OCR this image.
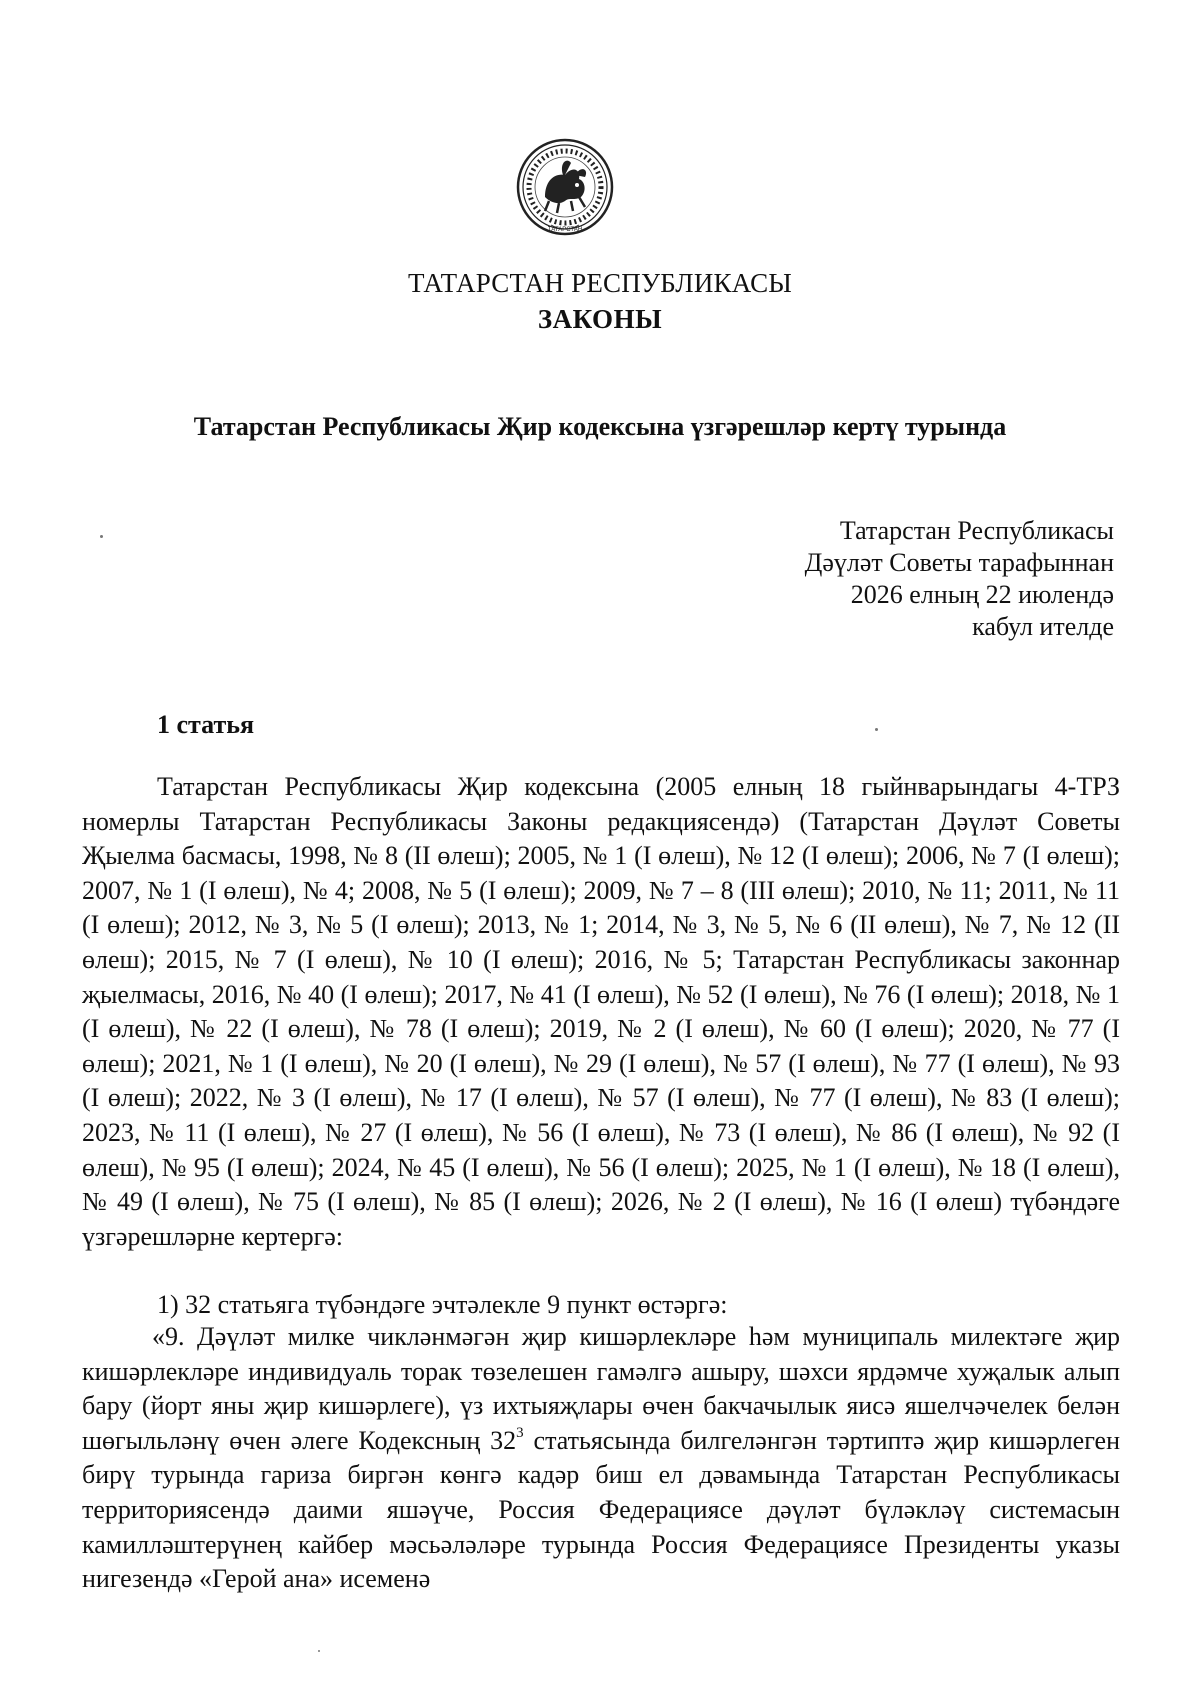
ТАТАРСТАН
ТАТАРСТАН РЕСПУБЛИКАСЫ
ЗАКОНЫ
Татарстан Республикасы Җир кодексына үзгәрешләр кертү турында
Татарстан Республикасы
Дәүләт Советы тарафыннан
2026 елның 22 июлендә
кабул ителде
1 статья
Татарстан Республикасы Җир кодексына (2005 елның 18 гыйнварындагы 4-ТРЗ номерлы Татарстан Республикасы Законы редакциясендә) (Татарстан Дәүләт Советы Җыелма басмасы, 1998, № 8 (II өлеш); 2005, № 1 (I өлеш), № 12 (I өлеш); 2006, № 7 (I өлеш); 2007, № 1 (I өлеш), № 4; 2008, № 5 (I өлеш); 2009, № 7 – 8 (III өлеш); 2010, № 11; 2011, № 11 (I өлеш); 2012, № 3, № 5 (I өлеш); 2013, № 1; 2014, № 3, № 5, № 6 (II өлеш), № 7, № 12 (II өлеш); 2015, № 7 (I өлеш), № 10 (I өлеш); 2016, № 5; Татарстан Республикасы законнар җыелмасы, 2016, № 40 (I өлеш); 2017, № 41 (I өлеш), № 52 (I өлеш), № 76 (I өлеш); 2018, № 1 (I өлеш), № 22 (I өлеш), № 78 (I өлеш); 2019, № 2 (I өлеш), № 60 (I өлеш); 2020, № 77 (I өлеш); 2021, № 1 (I өлеш), № 20 (I өлеш), № 29 (I өлеш), № 57 (I өлеш), № 77 (I өлеш), № 93 (I өлеш); 2022, № 3 (I өлеш), № 17 (I өлеш), № 57 (I өлеш), № 77 (I өлеш), № 83 (I өлеш); 2023, № 11 (I өлеш), № 27 (I өлеш), № 56 (I өлеш), № 73 (I өлеш), № 86 (I өлеш), № 92 (I өлеш), № 95 (I өлеш); 2024, № 45 (I өлеш), № 56 (I өлеш); 2025, № 1 (I өлеш), № 18 (I өлеш), № 49 (I өлеш), № 75 (I өлеш), № 85 (I өлеш); 2026, № 2 (I өлеш), № 16 (I өлеш) түбәндәге үзгәрешләрне кертергә:
1) 32 статьяга түбәндәге эчтәлекле 9 пункт өстәргә:
«9. Дәүләт милке чикләнмәгән җир кишәрлекләре һәм муниципаль милектәге җир кишәрлекләре индивидуаль торак төзелешен гамәлгә ашыру, шәхси ярдәмче хуҗалык алып бару (йорт яны җир кишәрлеге), үз ихтыяҗлары өчен бакчачылык яисә яшелчәчелек белән шөгыльләнү өчен әлеге Кодексның $32^3$ статьясында билгеләнгән тәртиптә җир кишәрлеген бирү турында гариза биргән көнгә кадәр биш ел дәвамында Татарстан Республикасы территориясендә даими яшәүче, Россия Федерациясе дәүләт бүләкләү системасын камилләштерүнең кайбер мәсьәләләре турында Россия Федерациясе Президенты указы нигезендә «Герой ана» исеменә
